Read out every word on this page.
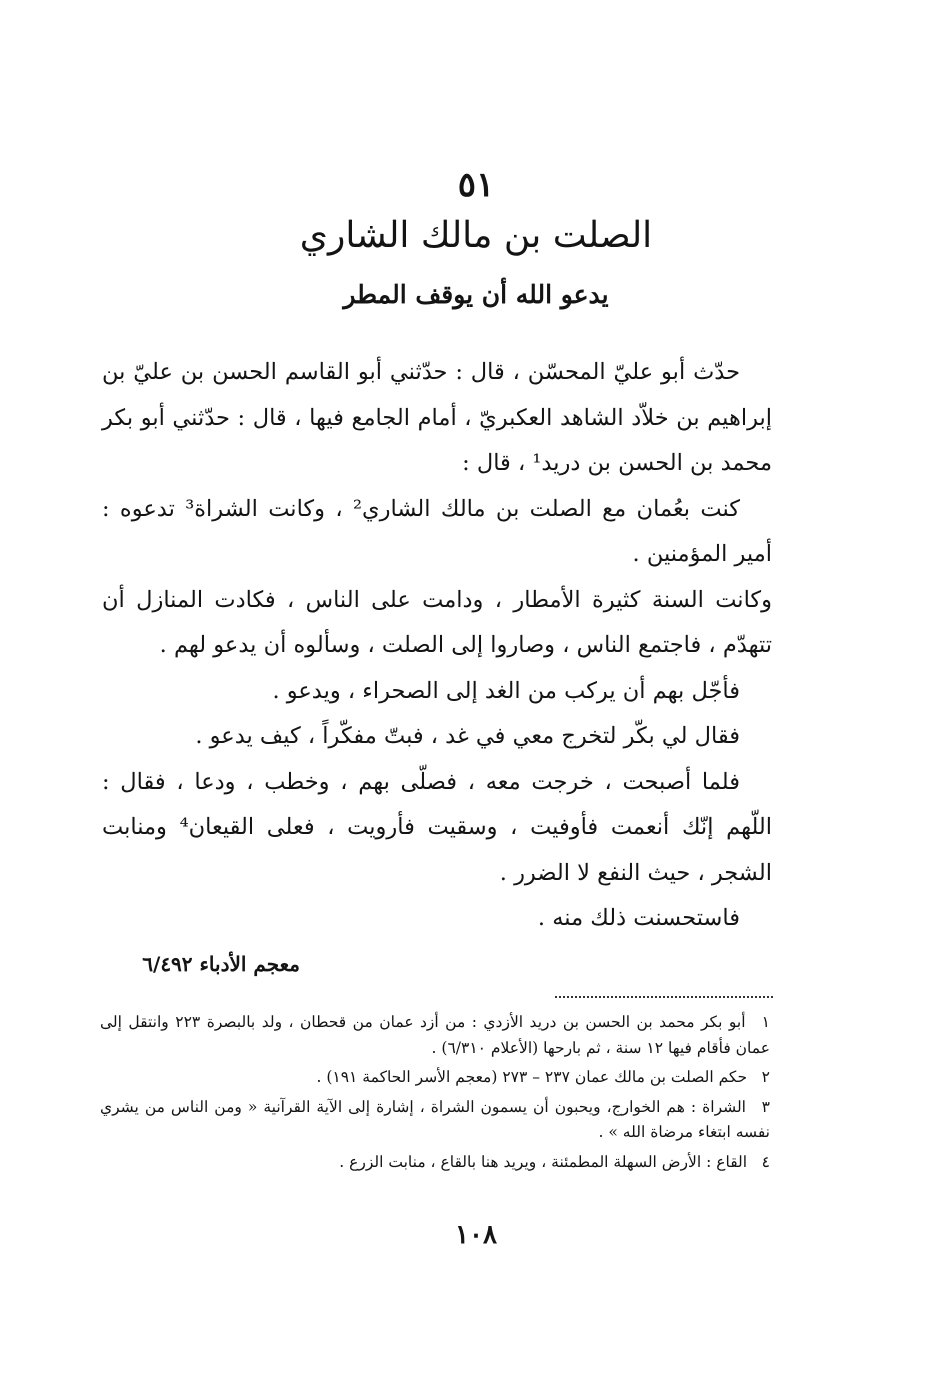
٥١
الصلت بن مالك الشاري
يدعو الله أن يوقف المطر

حدّث أبو عليّ المحسّن ، قال : حدّثني أبو القاسم الحسن بن عليّ بن إبراهيم بن خلاّد الشاهد العكبريّ ، أمام الجامع فيها ، قال : حدّثني أبو بكر محمد بن الحسن بن دريد¹ ، قال :

كنت بعُمان مع الصلت بن مالك الشاري² ، وكانت الشراة³ تدعوه : أمير المؤمنين .

وكانت السنة كثيرة الأمطار ، ودامت على الناس ، فكادت المنازل أن تتهدّم ، فاجتمع الناس ، وصاروا إلى الصلت ، وسألوه أن يدعو لهم .

فأجّل بهم أن يركب من الغد إلى الصحراء ، ويدعو .

فقال لي بكّر لتخرج معي في غد ، فبتّ مفكّراً ، كيف يدعو .

فلما أصبحت ، خرجت معه ، فصلّى بهم ، وخطب ، ودعا ، فقال : اللّهم إنّك أنعمت فأوفيت ، وسقيت فأرويت ، فعلى القيعان⁴ ومنابت الشجر ، حيث النفع لا الضرر .

فاستحسنت ذلك منه .

معجم الأدباء ٦/٤٩٢

١ أبو بكر محمد بن الحسن بن دريد الأزدي : من أزد عمان من قحطان ، ولد بالبصرة ٢٢٣ وانتقل إلى عمان فأقام فيها ١٢ سنة ، ثم بارحها (الأعلام ٦/٣١٠) .

٢ حكم الصلت بن مالك عمان ٢٣٧ – ٢٧٣ (معجم الأسر الحاكمة ١٩١) .

٣ الشراة : هم الخوارج، ويحبون أن يسمون الشراة ، إشارة إلى الآية القرآنية « ومن الناس من يشري نفسه ابتغاء مرضاة الله » .

٤ القاع : الأرض السهلة المطمئنة ، ويريد هنا بالقاع ، منابت الزرع .

١٠٨
